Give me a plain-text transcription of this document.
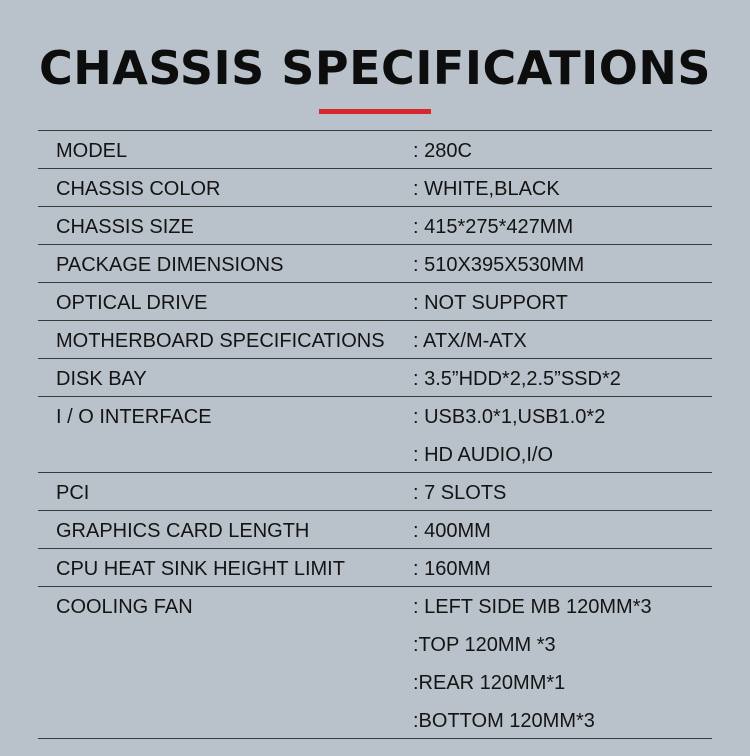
CHASSIS SPECIFICATIONS
MODEL	: 280C
CHASSIS COLOR	: WHITE,BLACK
CHASSIS SIZE	: 415*275*427MM
PACKAGE DIMENSIONS	: 510X395X530MM
OPTICAL DRIVE	: NOT SUPPORT
MOTHERBOARD SPECIFICATIONS	: ATX/M-ATX
DISK BAY	: 3.5”HDD*2,2.5”SSD*2
I / O INTERFACE	: USB3.0*1,USB1.0*2
: HD AUDIO,I/O
PCI	: 7 SLOTS
GRAPHICS CARD LENGTH	: 400MM
CPU HEAT SINK HEIGHT LIMIT	: 160MM
COOLING FAN	: LEFT SIDE MB 120MM*3
:TOP 120MM *3
:REAR 120MM*1
:BOTTOM 120MM*3
